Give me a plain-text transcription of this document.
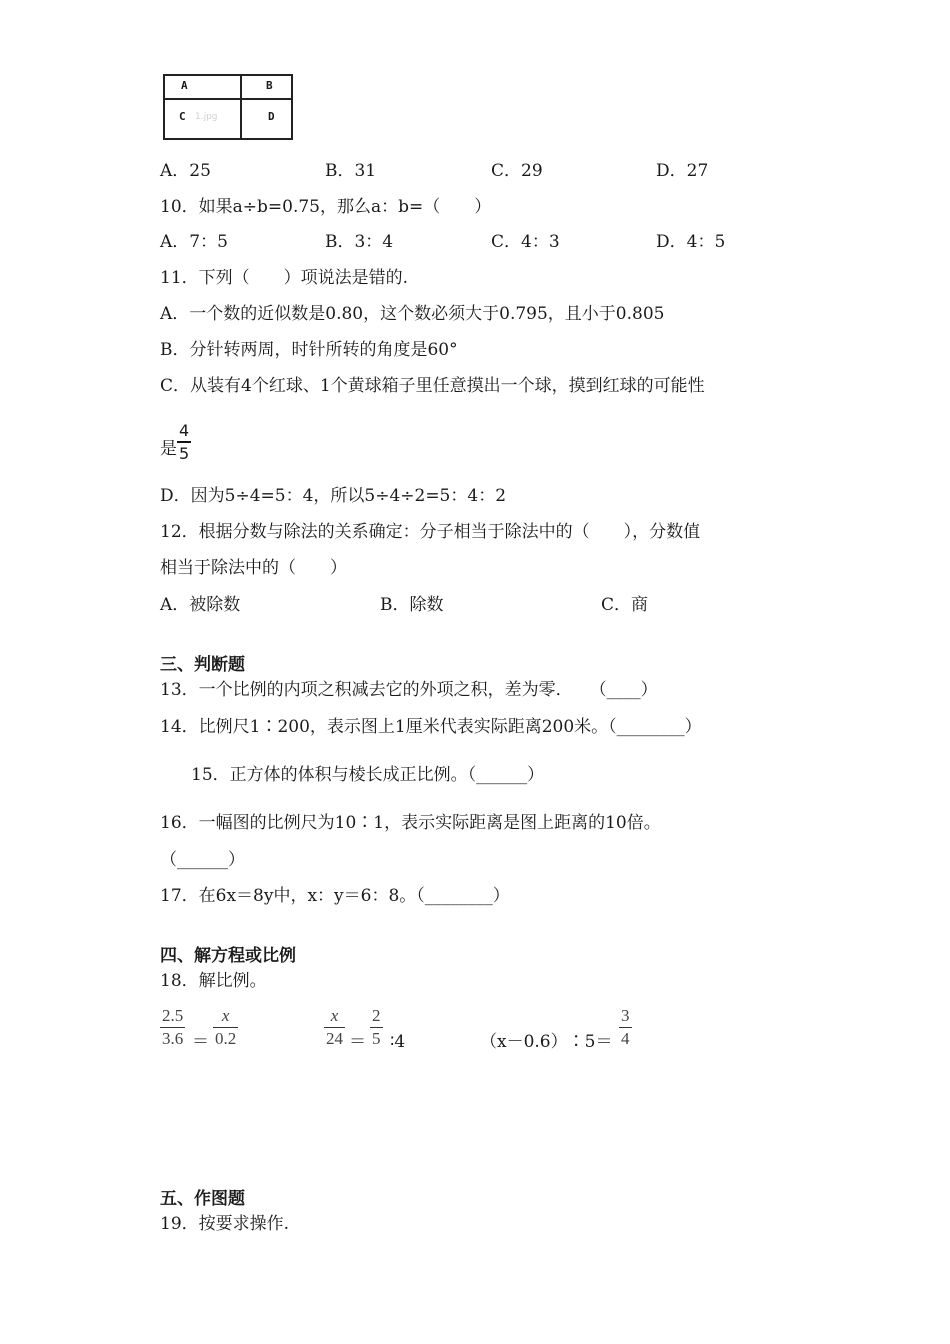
A	B
C 1.jpg	D
A．25	B．31	C．29	D．27
10．如果a÷b=0.75，那么a：b=（　　）
A．7：5	B．3：4	C．4：3	D．4：5
11．下列（　　）项说法是错的.
A．一个数的近似数是0.80，这个数必须大于0.795，且小于0.805
B．分针转两周，时针所转的角度是60°
C．从装有4个红球、1个黄球箱子里任意摸出一个球，摸到红球的可能性
是
4
5
D．因为5÷4=5：4，所以5÷4÷2=5：4：2
12．根据分数与除法的关系确定：分子相当于除法中的（　　），分数值
相当于除法中的（　　）
A．被除数	B．除数	C．商
三、判断题
13．一个比例的内项之积减去它的外项之积，差为零．　　（____）
14．比例尺1∶200，表示图上1厘米代表实际距离200米。（________）
15．正方体的体积与棱长成正比例。（______）
16．一幅图的比例尺为10∶1，表示实际距离是图上距离的10倍。
（______）
17．在6x＝8y中，x：y＝6：8。（________）
四、解方程或比例
18．解比例。
2.5
3.6 ＝
x
0.2
x
24 ＝
2
5 ∶4	（x－0.6）∶5＝
3
4
五、作图题
19．按要求操作.
